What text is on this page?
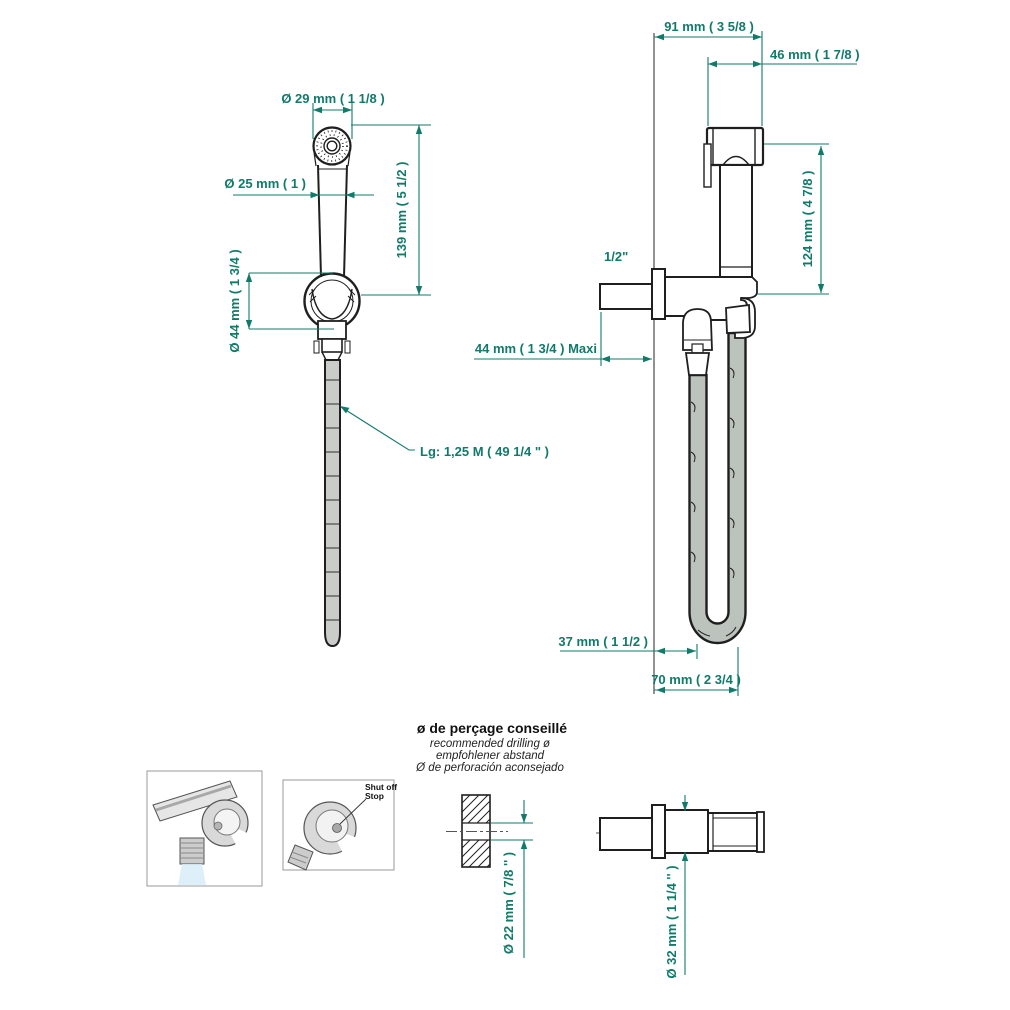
Ø 29 mm ( 1 1/8 )
Ø 25 mm ( 1 )	139 mm ( 5 1/2 )
Ø 44 mm ( 1 3/4 )
Lg: 1,25 M ( 49 1/4 " )
91 mm ( 3 5/8 )
46 mm ( 1 7/8 )
124 mm ( 4 7/8 )
1/2"
44 mm ( 1 3/4 ) Maxi
37 mm ( 1 1/2 )
70 mm ( 2 3/4 )
ø de perçage conseillé
recommended drilling ø
empfohlener abstand
Ø de perforación aconsejado
Shut off
Stop
Ø 22 mm ( 7/8 '' )	Ø 32 mm ( 1 1/4 '' )
